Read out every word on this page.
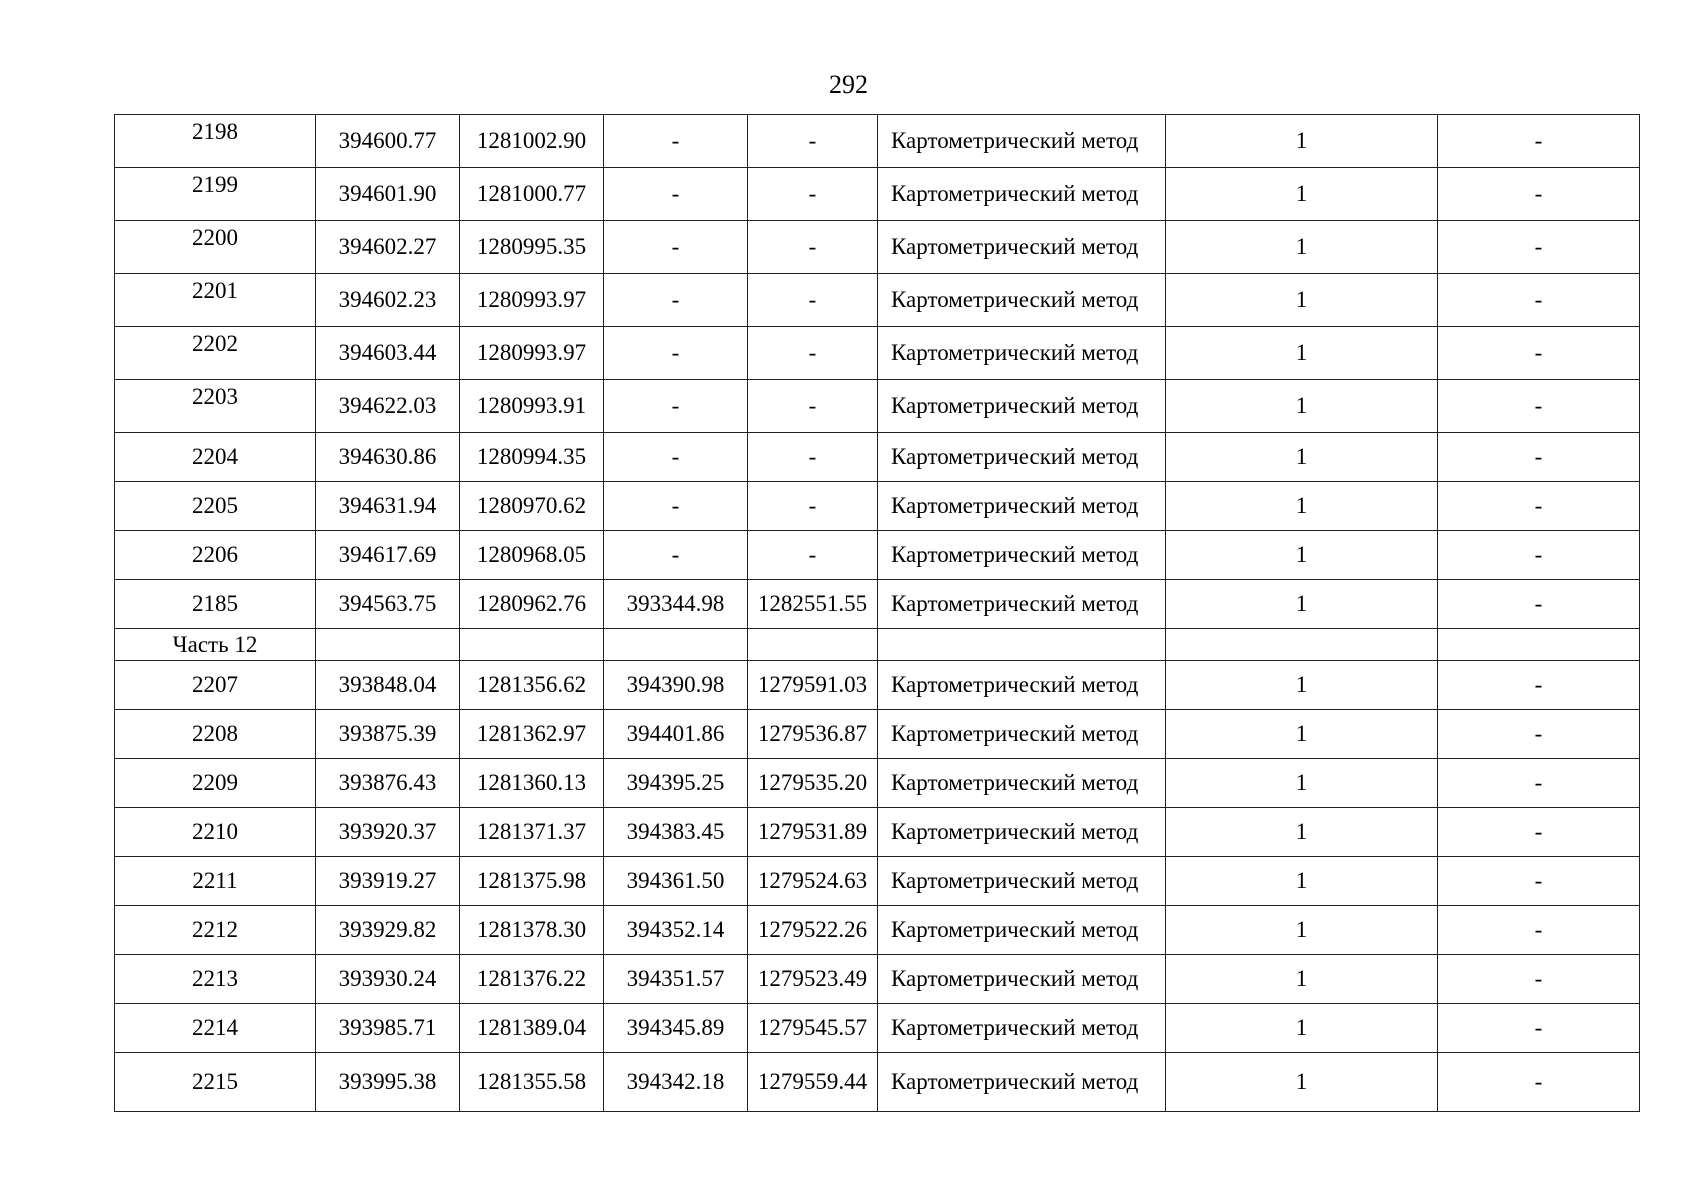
292
2198	394600.77	1281002.90	-	-	Картометрический метод	1	-
2199	394601.90	1281000.77	-	-	Картометрический метод	1	-
2200	394602.27	1280995.35	-	-	Картометрический метод	1	-
2201	394602.23	1280993.97	-	-	Картометрический метод	1	-
2202	394603.44	1280993.97	-	-	Картометрический метод	1	-
2203	394622.03	1280993.91	-	-	Картометрический метод	1	-
2204	394630.86	1280994.35	-	-	Картометрический метод	1	-
2205	394631.94	1280970.62	-	-	Картометрический метод	1	-
2206	394617.69	1280968.05	-	-	Картометрический метод	1	-
2185	394563.75	1280962.76	393344.98	1282551.55	Картометрический метод	1	-
Часть 12							
2207	393848.04	1281356.62	394390.98	1279591.03	Картометрический метод	1	-
2208	393875.39	1281362.97	394401.86	1279536.87	Картометрический метод	1	-
2209	393876.43	1281360.13	394395.25	1279535.20	Картометрический метод	1	-
2210	393920.37	1281371.37	394383.45	1279531.89	Картометрический метод	1	-
2211	393919.27	1281375.98	394361.50	1279524.63	Картометрический метод	1	-
2212	393929.82	1281378.30	394352.14	1279522.26	Картометрический метод	1	-
2213	393930.24	1281376.22	394351.57	1279523.49	Картометрический метод	1	-
2214	393985.71	1281389.04	394345.89	1279545.57	Картометрический метод	1	-
2215	393995.38	1281355.58	394342.18	1279559.44	Картометрический метод	1	-
